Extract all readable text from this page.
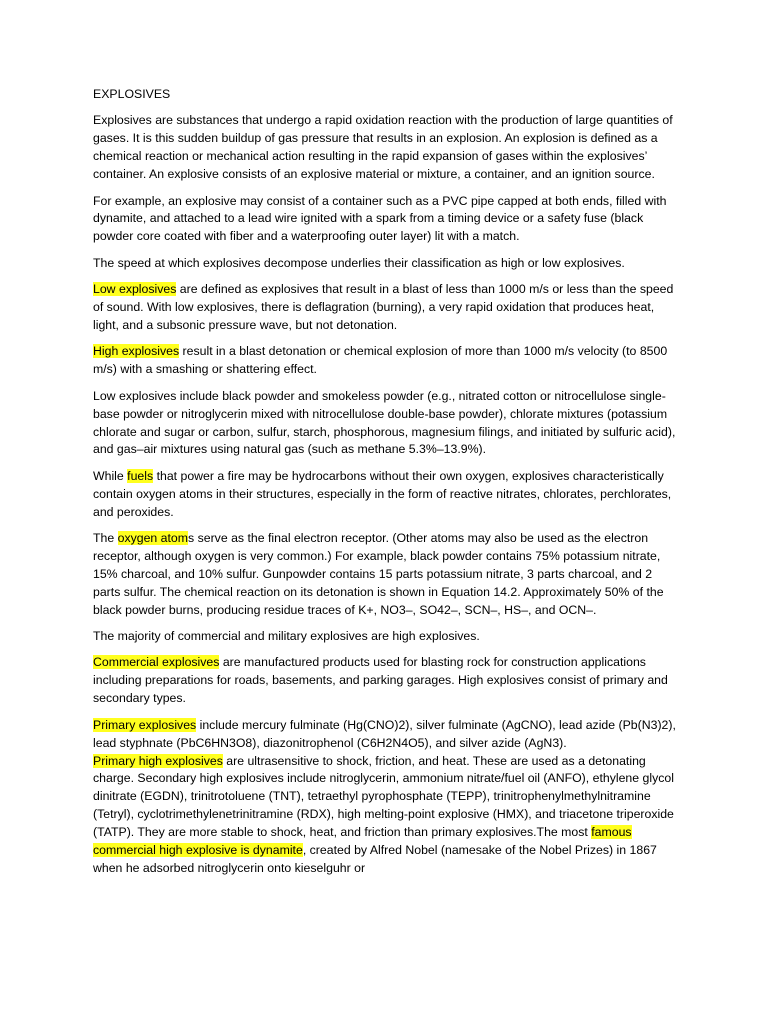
EXPLOSIVES

Explosives are substances that undergo a rapid oxidation reaction with the production of large quantities of gases. It is this sudden buildup of gas pressure that results in an explosion. An explosion is defined as a chemical reaction or mechanical action resulting in the rapid expansion of gases within the explosives’ container. An explosive consists of an explosive material or mixture, a container, and an ignition source.

For example, an explosive may consist of a container such as a PVC pipe capped at both ends, filled with dynamite, and attached to a lead wire ignited with a spark from a timing device or a safety fuse (black powder core coated with fiber and a waterproofing outer layer) lit with a match.

The speed at which explosives decompose underlies their classification as high or low explosives.

Low explosives are defined as explosives that result in a blast of less than 1000 m/s or less than the speed of sound. With low explosives, there is deflagration (burning), a very rapid oxidation that produces heat, light, and a subsonic pressure wave, but not detonation.

High explosives result in a blast detonation or chemical explosion of more than 1000 m/s velocity (to 8500 m/s) with a smashing or shattering effect.

Low explosives include black powder and smokeless powder (e.g., nitrated cotton or nitrocellulose single-base powder or nitroglycerin mixed with nitrocellulose double-base powder), chlorate mixtures (potassium chlorate and sugar or carbon, sulfur, starch, phosphorous, magnesium filings, and initiated by sulfuric acid), and gas–air mixtures using natural gas (such as methane 5.3%–13.9%).

While fuels that power a fire may be hydrocarbons without their own oxygen, explosives characteristically contain oxygen atoms in their structures, especially in the form of reactive nitrates, chlorates, perchlorates, and peroxides.

The oxygen atoms serve as the final electron receptor. (Other atoms may also be used as the electron receptor, although oxygen is very common.) For example, black powder contains 75% potassium nitrate, 15% charcoal, and 10% sulfur. Gunpowder contains 15 parts potassium nitrate, 3 parts charcoal, and 2 parts sulfur. The chemical reaction on its detonation is shown in Equation 14.2. Approximately 50% of the black powder burns, producing residue traces of K+, NO3–, SO42–, SCN–, HS–, and OCN–.

The majority of commercial and military explosives are high explosives.

Commercial explosives are manufactured products used for blasting rock for construction applications including preparations for roads, basements, and parking garages. High explosives consist of primary and secondary types.

Primary explosives include mercury fulminate (Hg(CNO)2), silver fulminate (AgCNO), lead azide (Pb(N3)2), lead styphnate (PbC6HN3O8), diazonitrophenol (C6H2N4O5), and silver azide (AgN3).

Primary high explosives are ultrasensitive to shock, friction, and heat. These are used as a detonating charge. Secondary high explosives include nitroglycerin, ammonium nitrate/fuel oil (ANFO), ethylene glycol dinitrate (EGDN), trinitrotoluene (TNT), tetraethyl pyrophosphate (TEPP), trinitrophenylmethylnitramine (Tetryl), cyclotrimethylenetrinitramine (RDX), high melting-point explosive (HMX), and triacetone triperoxide (TATP). They are more stable to shock, heat, and friction than primary explosives.The most famous commercial high explosive is dynamite, created by Alfred Nobel (namesake of the Nobel Prizes) in 1867 when he adsorbed nitroglycerin onto kieselguhr or
